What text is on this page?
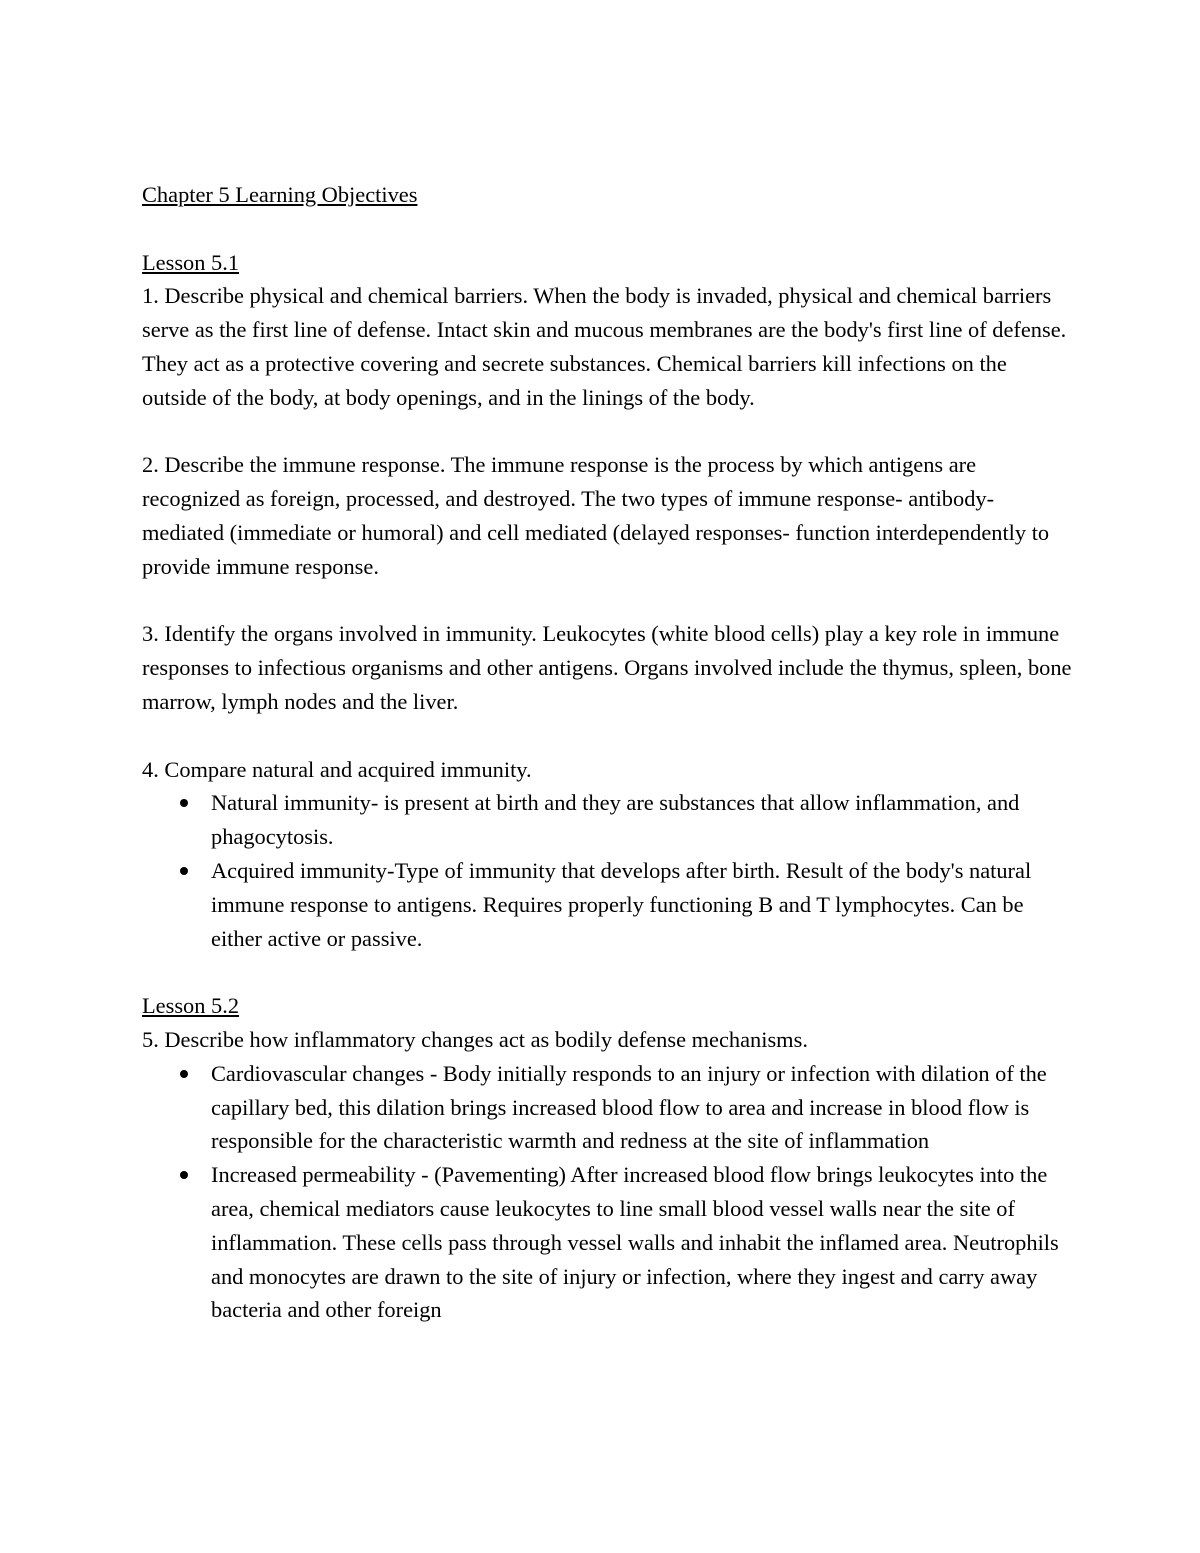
Chapter 5 Learning Objectives
Lesson 5.1

1. Describe physical and chemical barriers. When the body is invaded, physical and chemical barriers serve as the first line of defense. Intact skin and mucous membranes are the body's first line of defense. They act as a protective covering and secrete substances. Chemical barriers kill infections on the outside of the body, at body openings, and in the linings of the body.

2. Describe the immune response. The immune response is the process by which antigens are recognized as foreign, processed, and destroyed. The two types of immune response- antibody-mediated (immediate or humoral) and cell mediated (delayed responses- function interdependently to provide immune response.

3. Identify the organs involved in immunity. Leukocytes (white blood cells) play a key role in immune responses to infectious organisms and other antigens. Organs involved include the thymus, spleen, bone marrow, lymph nodes and the liver.

4. Compare natural and acquired immunity.

Natural immunity- is present at birth and they are substances that allow inflammation, and phagocytosis.
Acquired immunity-Type of immunity that develops after birth. Result of the body's natural immune response to antigens. Requires properly functioning B and T lymphocytes. Can be either active or passive.
Lesson 5.2

5. Describe how inflammatory changes act as bodily defense mechanisms.

Cardiovascular changes - Body initially responds to an injury or infection with dilation of the capillary bed, this dilation brings increased blood flow to area and increase in blood flow is responsible for the characteristic warmth and redness at the site of inflammation
Increased permeability - (Pavementing) After increased blood flow brings leukocytes into the area, chemical mediators cause leukocytes to line small blood vessel walls near the site of inflammation. These cells pass through vessel walls and inhabit the inflamed area. Neutrophils and monocytes are drawn to the site of injury or infection, where they ingest and carry away bacteria and other foreign
